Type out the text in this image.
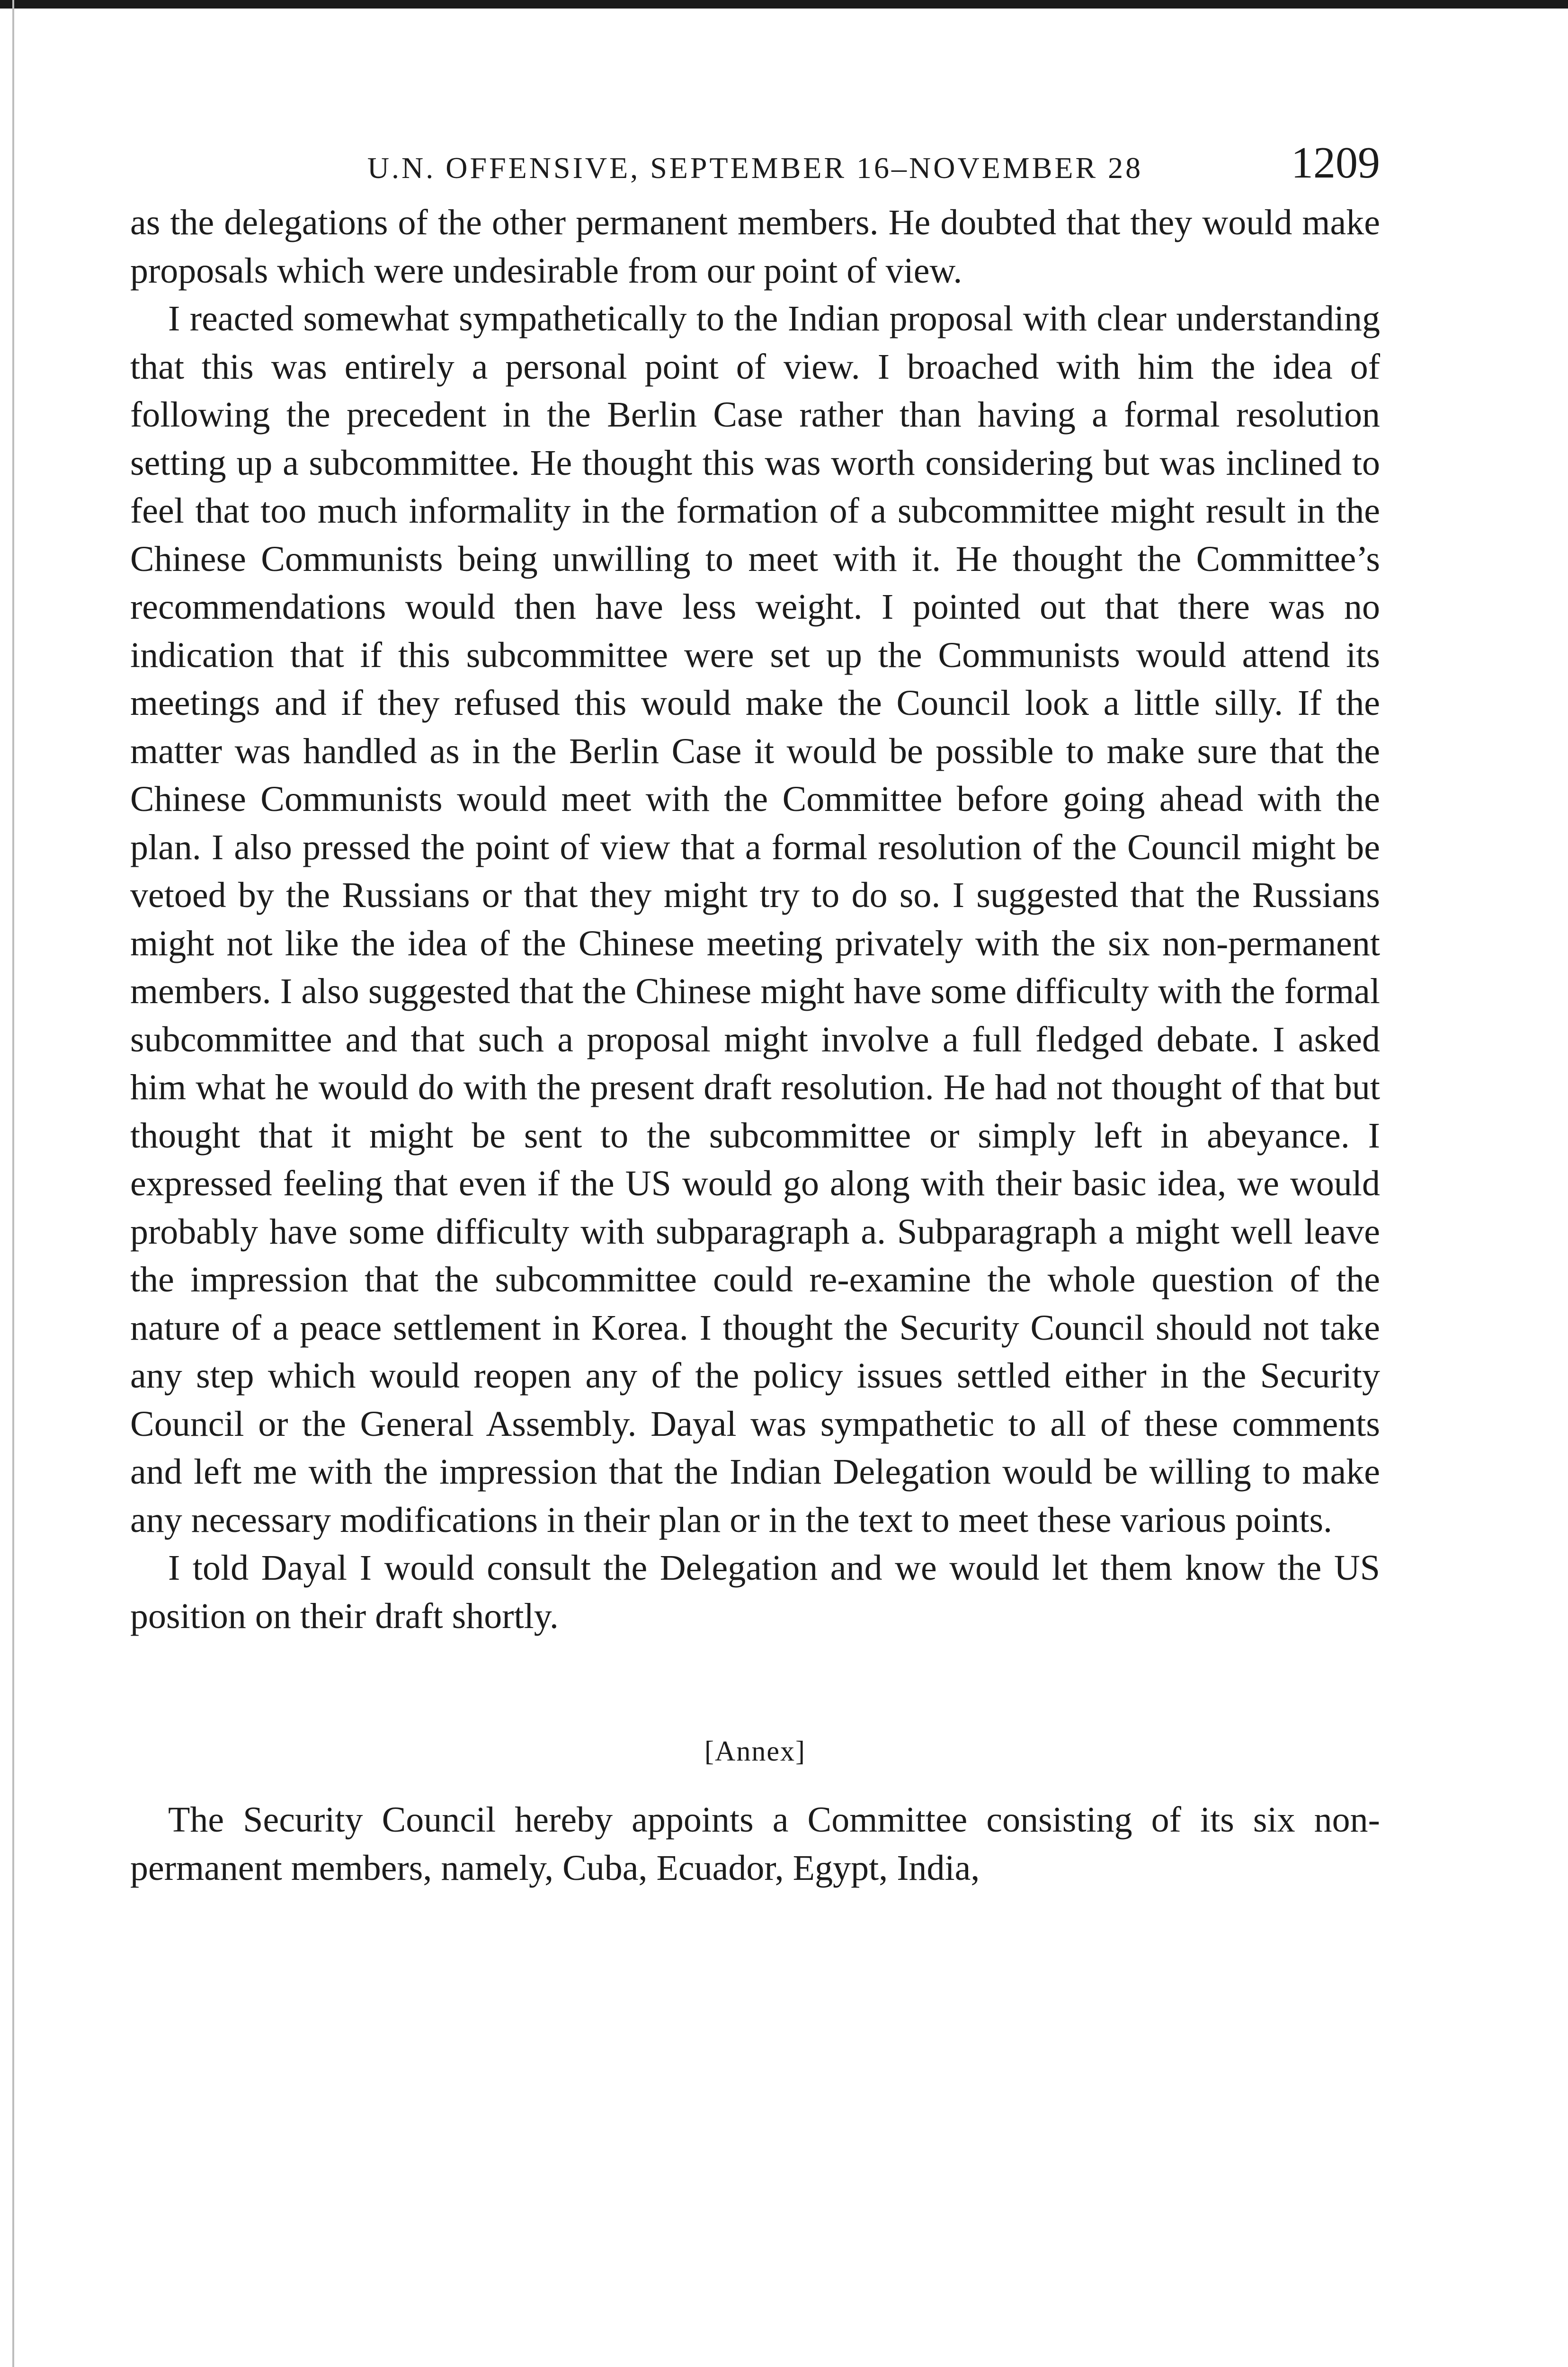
U.N. OFFENSIVE, SEPTEMBER 16–NOVEMBER 28	1209

as the delegations of the other permanent members. He doubted that they would make proposals which were undesirable from our point of view.

I reacted somewhat sympathetically to the Indian proposal with clear understanding that this was entirely a personal point of view. I broached with him the idea of following the precedent in the Berlin Case rather than having a formal resolution setting up a subcommittee. He thought this was worth considering but was inclined to feel that too much informality in the formation of a subcommittee might result in the Chinese Communists being unwilling to meet with it. He thought the Committee’s recommendations would then have less weight. I pointed out that there was no indication that if this subcommittee were set up the Communists would attend its meetings and if they refused this would make the Council look a little silly. If the matter was handled as in the Berlin Case it would be possible to make sure that the Chinese Communists would meet with the Committee before going ahead with the plan. I also pressed the point of view that a formal resolution of the Council might be vetoed by the Russians or that they might try to do so. I suggested that the Russians might not like the idea of the Chinese meeting privately with the six non-permanent members. I also suggested that the Chinese might have some difficulty with the formal subcommittee and that such a proposal might involve a full fledged debate. I asked him what he would do with the present draft resolution. He had not thought of that but thought that it might be sent to the subcommittee or simply left in abeyance. I expressed feeling that even if the US would go along with their basic idea, we would probably have some difficulty with subparagraph a. Subparagraph a might well leave the impression that the subcommittee could re-examine the whole question of the nature of a peace settlement in Korea. I thought the Security Council should not take any step which would reopen any of the policy issues settled either in the Security Council or the General Assembly. Dayal was sympathetic to all of these comments and left me with the impression that the Indian Delegation would be willing to make any necessary modifications in their plan or in the text to meet these various points.

I told Dayal I would consult the Delegation and we would let them know the US position on their draft shortly.

[Annex]

The Security Council hereby appoints a Committee consisting of its six non-permanent members, namely, Cuba, Ecuador, Egypt, India,
